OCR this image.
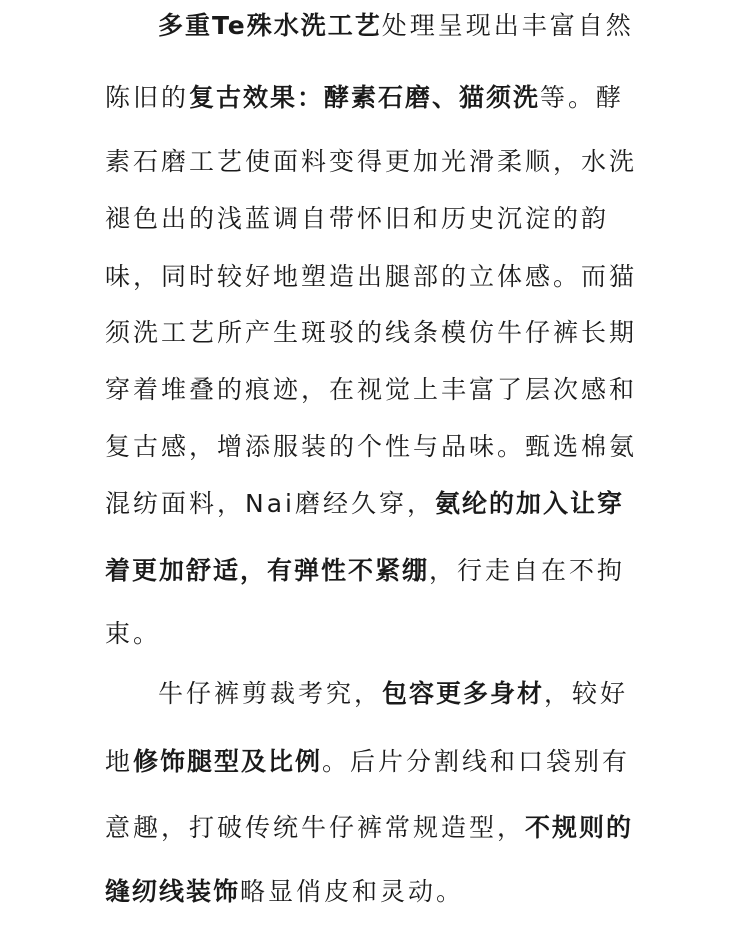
多重Te殊水洗工艺处理呈现出丰富自然
陈旧的复古效果：酵素石磨、猫须洗等。酵
素石磨工艺使面料变得更加光滑柔顺，水洗
褪色出的浅蓝调自带怀旧和历史沉淀的韵
味，同时较好地塑造出腿部的立体感。而猫
须洗工艺所产生斑驳的线条模仿牛仔裤长期
穿着堆叠的痕迹，在视觉上丰富了层次感和
复古感，增添服装的个性与品味。甄选棉氨
混纺面料，Nai磨经久穿，氨纶的加入让穿
着更加舒适，有弹性不紧绷，行走自在不拘
束。
牛仔裤剪裁考究，包容更多身材，较好
地修饰腿型及比例。后片分割线和口袋别有
意趣，打破传统牛仔裤常规造型，不规则的
缝纫线装饰略显俏皮和灵动。
